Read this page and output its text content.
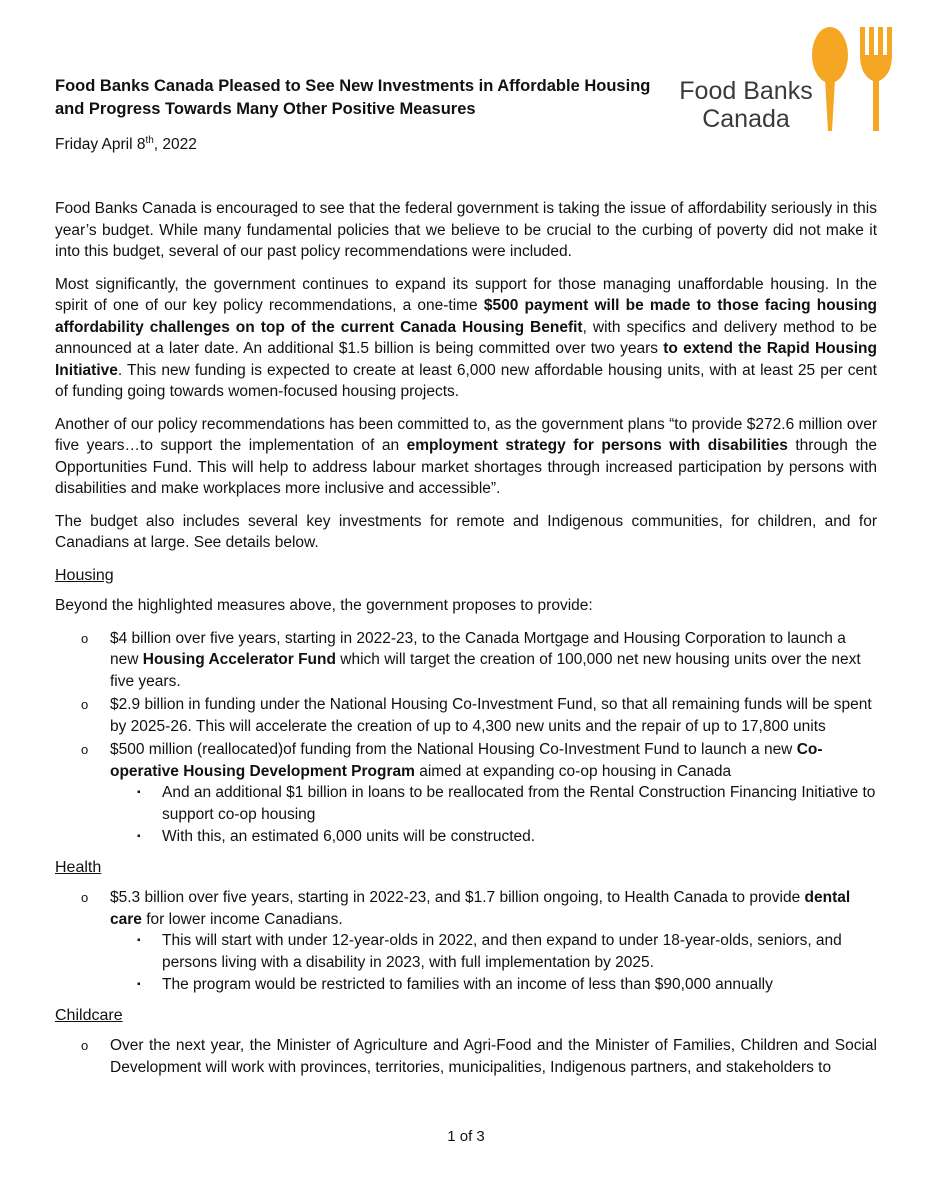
Food Banks Canada Pleased to See New Investments in Affordable Housing and Progress Towards Many Other Positive Measures
Friday April 8th, 2022
Food Banks
Canada

Food Banks Canada is encouraged to see that the federal government is taking the issue of affordability seriously in this year’s budget. While many fundamental policies that we believe to be crucial to the curbing of poverty did not make it into this budget, several of our past policy recommendations were included.

Most significantly, the government continues to expand its support for those managing unaffordable housing. In the spirit of one of our key policy recommendations, a one-time $500 payment will be made to those facing housing affordability challenges on top of the current Canada Housing Benefit, with specifics and delivery method to be announced at a later date. An additional $1.5 billion is being committed over two years to extend the Rapid Housing Initiative. This new funding is expected to create at least 6,000 new affordable housing units, with at least 25 per cent of funding going towards women-focused housing projects.

Another of our policy recommendations has been committed to, as the government plans “to provide $272.6 million over five years…to support the implementation of an employment strategy for persons with disabilities through the Opportunities Fund. This will help to address labour market shortages through increased participation by persons with disabilities and make workplaces more inclusive and accessible”.

The budget also includes several key investments for remote and Indigenous communities, for children, and for Canadians at large. See details below.

Housing

Beyond the highlighted measures above, the government proposes to provide:

o $4 billion over five years, starting in 2022-23, to the Canada Mortgage and Housing Corporation to launch a new Housing Accelerator Fund which will target the creation of 100,000 net new housing units over the next five years.
o $2.9 billion in funding under the National Housing Co-Investment Fund, so that all remaining funds will be spent by 2025-26. This will accelerate the creation of up to 4,300 new units and the repair of up to 17,800 units
o $500 million (reallocated)of funding from the National Housing Co-Investment Fund to launch a new Co-operative Housing Development Program aimed at expanding co-op housing in Canada
▪ And an additional $1 billion in loans to be reallocated from the Rental Construction Financing Initiative to support co-op housing
▪ With this, an estimated 6,000 units will be constructed.
Health
o $5.3 billion over five years, starting in 2022-23, and $1.7 billion ongoing, to Health Canada to provide dental care for lower income Canadians.
▪ This will start with under 12-year-olds in 2022, and then expand to under 18-year-olds, seniors, and persons living with a disability in 2023, with full implementation by 2025.
▪ The program would be restricted to families with an income of less than $90,000 annually
Childcare
o Over the next year, the Minister of Agriculture and Agri-Food and the Minister of Families, Children and Social Development will work with provinces, territories, municipalities, Indigenous partners, and stakeholders to
1 of 3
